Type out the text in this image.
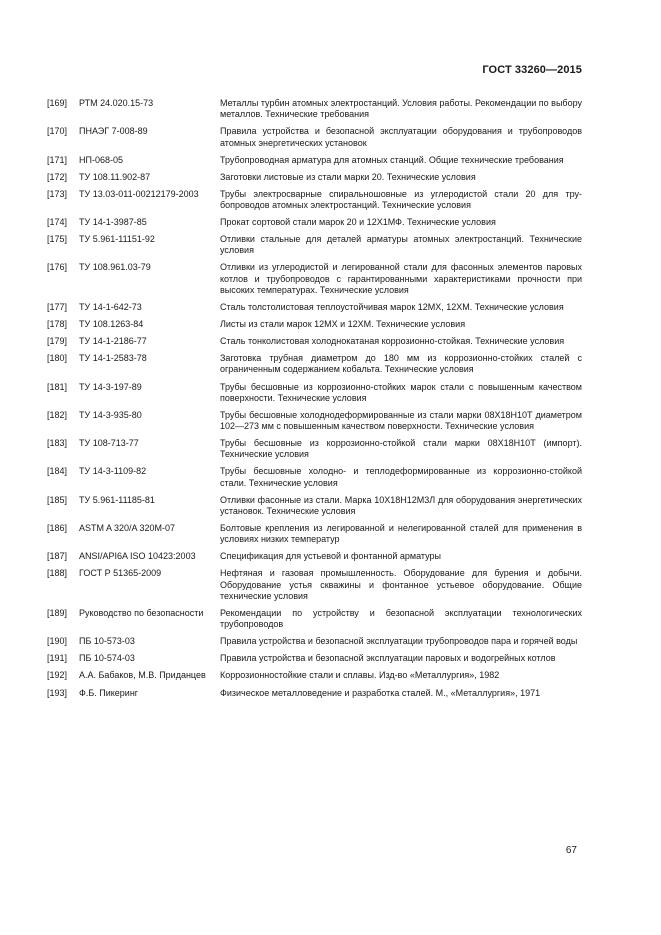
ГОСТ 33260—2015
[169]	РТМ 24.020.15-73	Металлы турбин атомных электростанций. Условия работы. Рекомендации по выбору металлов. Технические требования
[170]	ПНАЭГ 7-008-89	Правила устройства и безопасной эксплуатации оборудования и трубопроводов атомных энергетических установок
[171]	НП-068-05	Трубопроводная арматура для атомных станций. Общие технические требования
[172]	ТУ 108.11.902-87	Заготовки листовые из стали марки 20. Технические условия
[173]	ТУ 13.03-011-00212179-2003	Трубы электросварные спиральношовные из углеродистой стали 20 для трубопроводов атомных электростанций. Технические условия
[174]	ТУ 14-1-3987-85	Прокат сортовой стали марок 20 и 12Х1МФ. Технические условия
[175]	ТУ 5.961-11151-92	Отливки стальные для деталей арматуры атомных электростанций. Технические условия
[176]	ТУ 108.961.03-79	Отливки из углеродистой и легированной стали для фасонных элементов паровых котлов и трубопроводов с гарантированными характеристиками прочности при высоких температурах. Технические условия
[177]	ТУ 14-1-642-73	Сталь толстолистовая теплоустойчивая марок 12МХ, 12ХМ. Технические условия
[178]	ТУ 108.1263-84	Листы из стали марок 12МХ и 12ХМ. Технические условия
[179]	ТУ 14-1-2186-77	Сталь тонколистовая холоднокатаная коррозионно-стойкая. Технические условия
[180]	ТУ 14-1-2583-78	Заготовка трубная диаметром до 180 мм из коррозионно-стойких сталей с ограниченным содержанием кобальта. Технические условия
[181]	ТУ 14-3-197-89	Трубы бесшовные из коррозионно-стойких марок стали с повышенным качеством поверхности. Технические условия
[182]	ТУ 14-3-935-80	Трубы бесшовные холоднодеформированные из стали марки 08Х18Н10Т диаметром 102—273 мм с повышенным качеством поверхности. Технические условия
[183]	ТУ 108-713-77	Трубы бесшовные из коррозионно-стойкой стали марки 08Х18Н10Т (импорт). Технические условия
[184]	ТУ 14-3-1109-82	Трубы бесшовные холодно- и теплодеформированные из коррозионно-стойкой стали. Технические условия
[185]	ТУ 5.961-11185-81	Отливки фасонные из стали. Марка 10Х18Н12М3Л для оборудования энергетических установок. Технические условия
[186]	ASTM A 320/A 320M-07	Болтовые крепления из легированной и нелегированной сталей для применения в условиях низких температур
[187]	ANSI/API6A ISO 10423:2003	Спецификация для устьевой и фонтанной арматуры
[188]	ГОСТ Р 51365-2009	Нефтяная и газовая промышленность. Оборудование для бурения и добычи. Оборудование устья скважины и фонтанное устьевое оборудование. Общие технические условия
[189]	Руководство по безопасности	Рекомендации по устройству и безопасной эксплуатации технологических трубопроводов
[190]	ПБ 10-573-03	Правила устройства и безопасной эксплуатации трубопроводов пара и горячей воды
[191]	ПБ 10-574-03	Правила устройства и безопасной эксплуатации паровых и водогрейных котлов
[192]	А.А. Бабаков, М.В. Приданцев	Коррозионностойкие стали и сплавы. Изд-во «Металлургия», 1982
[193]	Ф.Б. Пикеринг	Физическое металловедение и разработка сталей. М., «Металлургия», 1971
67
